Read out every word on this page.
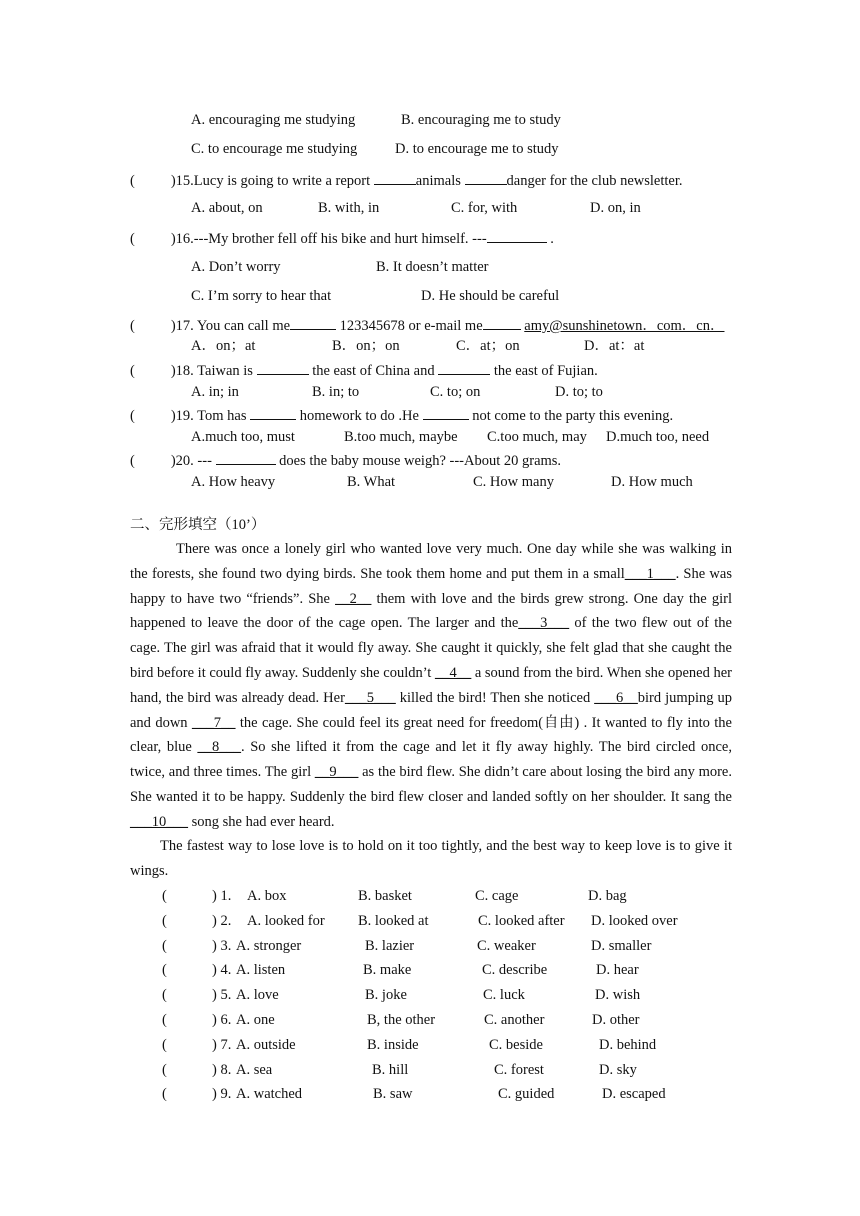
A. encouraging me studying	B. encouraging me to study
C. to encourage me studying	D. to encourage me to study
( )15.Lucy is going to write a report	animals	danger for the club newsletter.
A. about, on	B. with, in	C. for, with	D. on, in
( )16.---My brother fell off his bike and hurt himself. ---	.
A. Don’t worry	B. It doesn’t matter
C. I’m sorry to hear that	D. He should be careful
( )17. You can call me	123345678 or e-mail me	amy@sunshinetown．com．cn．
A．on；at	B．on；on	C．at；on	D．at：at
( )18. Taiwan is	the east of China and	the east of Fujian.
A. in; in	B. in; to	C. to; on	D. to; to
( )19. Tom has	homework to do .He	not come to the party this evening.
A.much too, must	B.too much, maybe C.too much, may D.much too, need
( )20. ---	does the baby mouse weigh? ---About 20 grams.
A. How heavy	B. What	C. How many	D. How much
二、完形填空（10’）
There was once a lonely girl who wanted love very much. One day while she was walking in the forests, she found two dying birds. She took them home and put them in a small___1___. She was happy to have two “friends”. She __2__ them with love and the birds grew strong. One day the girl happened to leave the door of the cage open. The larger and the___3___ of the two flew out of the cage. The girl was afraid that it would fly away. She caught it quickly, she felt glad that she caught the bird before it could fly away. Suddenly she couldn’t __4__ a sound from the bird. When she opened her hand, the bird was already dead. Her___5___ killed the bird! Then she noticed ___6__bird jumping up and down ___7__ the cage. She could feel its great need for freedom(自由) . It wanted to fly into the clear, blue __8___. So she lifted it from the cage and let it fly away highly. The bird circled once, twice, and three times. The girl __9___ as the bird flew. She didn’t care about losing the bird any more. She wanted it to be happy. Suddenly the bird flew closer and landed softly on her shoulder. It sang the ___10___ song she had ever heard.
The fastest way to lose love is to hold on it too tightly, and the best way to keep love is to give it wings.
(	) 1. A. box	B. basket	C. cage	D. bag
(	) 2. A. looked for B. looked at	C. looked after D. looked over
(	) 3. A. stronger	B. lazier	C. weaker	D. smaller
(	) 4. A. listen	B. make	C. describe	D. hear
(	) 5. A. love	B. joke	C. luck	D. wish
(	) 6. A. one	B, the other	C. another	D. other
(	) 7. A. outside	B. inside	C. beside	D. behind
(	) 8. A. sea	B. hill	C. forest	D. sky
(	) 9. A. watched	B. saw	C. guided	D. escaped
